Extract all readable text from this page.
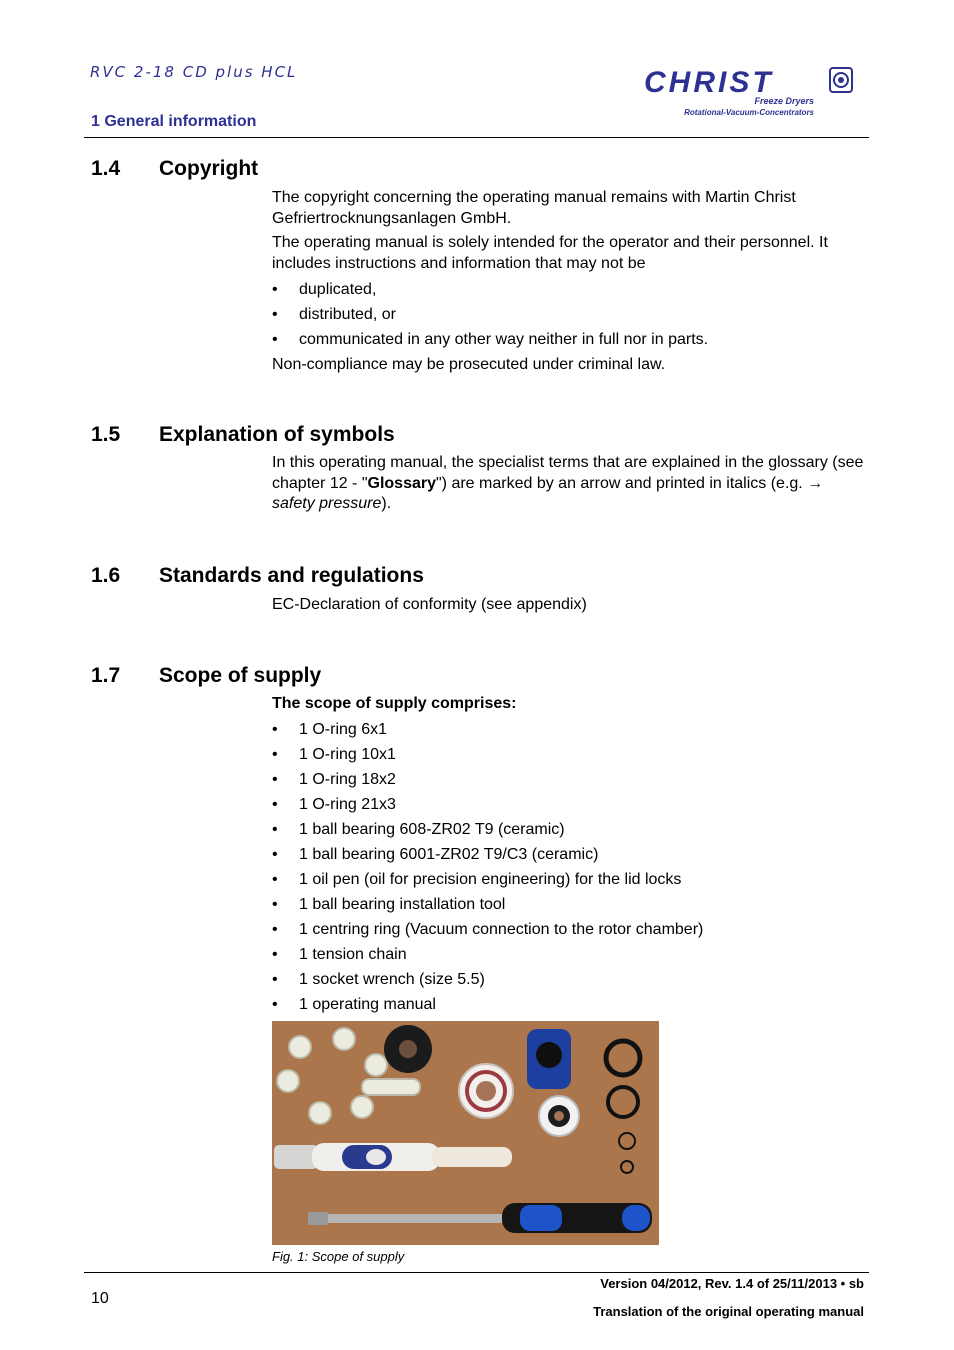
RVC 2-18 CD plus HCL
1 General information
CHRIST
Freeze Dryers
Rotational-Vacuum-Concentrators
1.4 Copyright

The copyright concerning the operating manual remains with Martin Christ Gefriertrocknungsanlagen GmbH.

The operating manual is solely intended for the operator and their personnel. It includes instructions and information that may not be

• duplicated,
• distributed, or
• communicated in any other way neither in full nor in parts.

Non-compliance may be prosecuted under criminal law.

1.5 Explanation of symbols

In this operating manual, the specialist terms that are explained in the glossary (see chapter 12 - "Glossary") are marked by an arrow and printed in italics (e.g. → safety pressure).

1.6 Standards and regulations

EC-Declaration of conformity (see appendix)

1.7 Scope of supply

The scope of supply comprises:

• 1 O-ring 6x1
• 1 O-ring 10x1
• 1 O-ring 18x2
• 1 O-ring 21x3
• 1 ball bearing 608-ZR02 T9 (ceramic)
• 1 ball bearing 6001-ZR02 T9/C3 (ceramic)
• 1 oil pen (oil for precision engineering) for the lid locks
• 1 ball bearing installation tool
• 1 centring ring (Vacuum connection to the rotor chamber)
• 1 tension chain
• 1 socket wrench (size 5.5)
• 1 operating manual
Fig. 1: Scope of supply
10
Version 04/2012, Rev. 1.4 of 25/11/2013 • sb
Translation of the original operating manual
